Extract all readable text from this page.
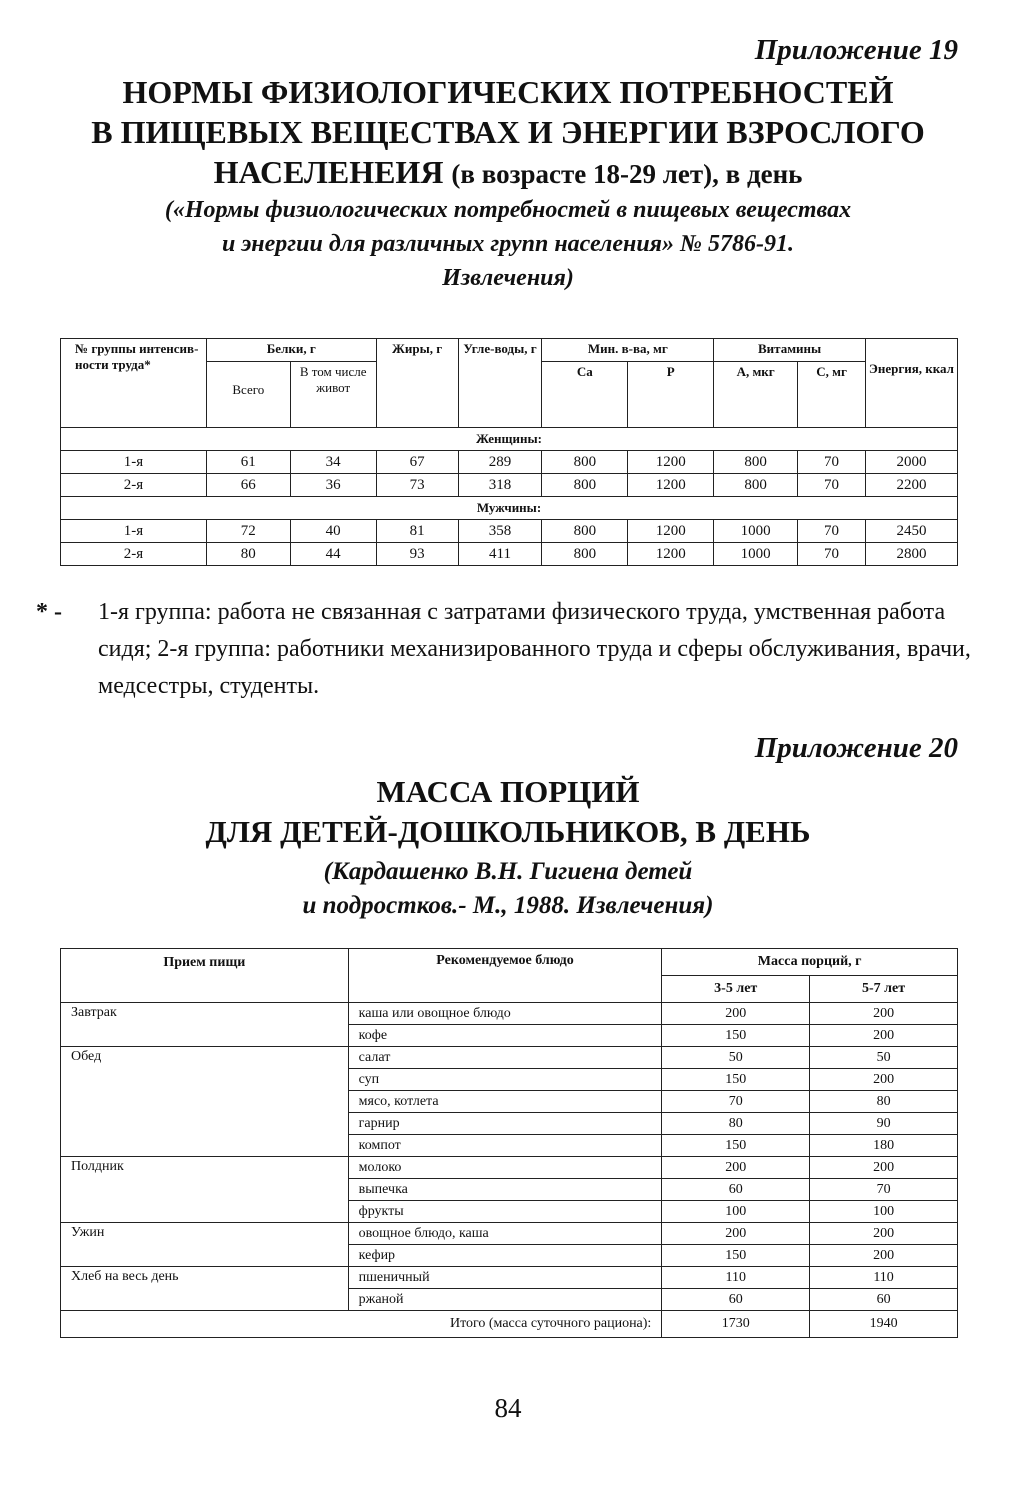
Приложение 19
НОРМЫ ФИЗИОЛОГИЧЕСКИХ ПОТРЕБНОСТЕЙ
В ПИЩЕВЫХ ВЕЩЕСТВАХ И ЭНЕРГИИ ВЗРОСЛОГО
НАСЕЛЕНЕИЯ (в возрасте 18-29 лет), в день
(«Нормы физиологических потребностей в пищевых веществах
и энергии для различных групп населения» № 5786-91.
Извлечения)
№ группы интенсив-ности труда*	Белки, г		Жиры, г	Угле-воды, г	Мин. в-ва, мг		Витамины		Энергия, ккал
	Всего	В том числе живот			Ca	P	А, мкг	С, мг	
Женщины:									
1-я	61	34	67	289	800	1200	800	70	2000
2-я	66	36	73	318	800	1200	800	70	2200
Мужчины:									
1-я	72	40	81	358	800	1200	1000	70	2450
2-я	80	44	93	411	800	1200	1000	70	2800
* - 1-я группа: работа не связанная с затратами физического труда, умственная работа сидя; 2-я группа: работники механизированного труда и сферы обслуживания, врачи, медсестры, студенты.
Приложение 20
МАССА ПОРЦИЙ
ДЛЯ ДЕТЕЙ-ДОШКОЛЬНИКОВ, В ДЕНЬ
(Кардашенко В.Н. Гигиена детей
и подростков.- М., 1988. Извлечения)
Прием пищи	Рекомендуемое блюдо	Масса порций, г	
		3-5 лет	5-7 лет
Завтрак	каша или овощное блюдо	200	200
	кофе	150	200
Обед	салат	50	50
	суп	150	200
	мясо, котлета	70	80
	гарнир	80	90
	компот	150	180
Полдник	молоко	200	200
	выпечка	60	70
	фрукты	100	100
Ужин	овощное блюдо, каша	200	200
	кефир	150	200
Хлеб на весь день	пшеничный	110	110
	ржаной	60	60
Итого (масса суточного рациона):		1730	1940
84
